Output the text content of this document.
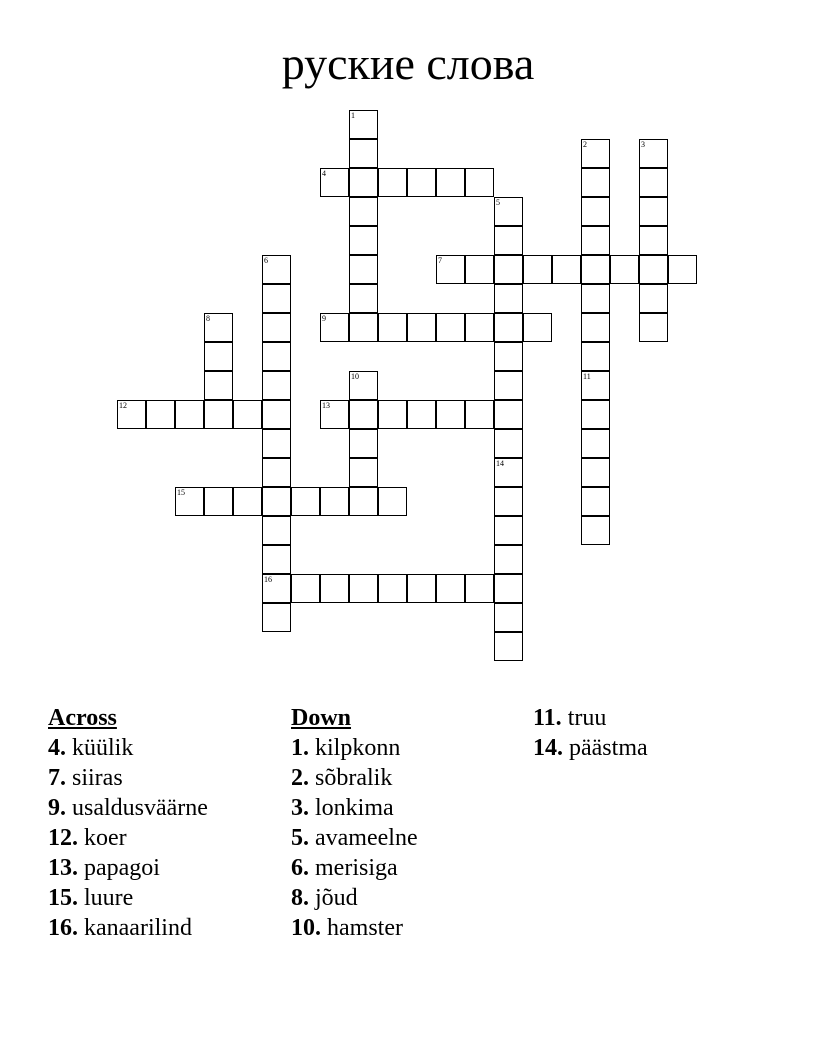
руские слова
1
2	3
4
5
6
16
7
8	9
10	11
12	13
14
15
Across
4. küülik
7. siiras
9. usaldusväärne
12. koer
13. papagoi
15. luure
16. kanaarilind
Down
1. kilpkonn
2. sõbralik
3. lonkima
5. avameelne
6. merisiga
8. jõud
10. hamster
11. truu
14. päästma
